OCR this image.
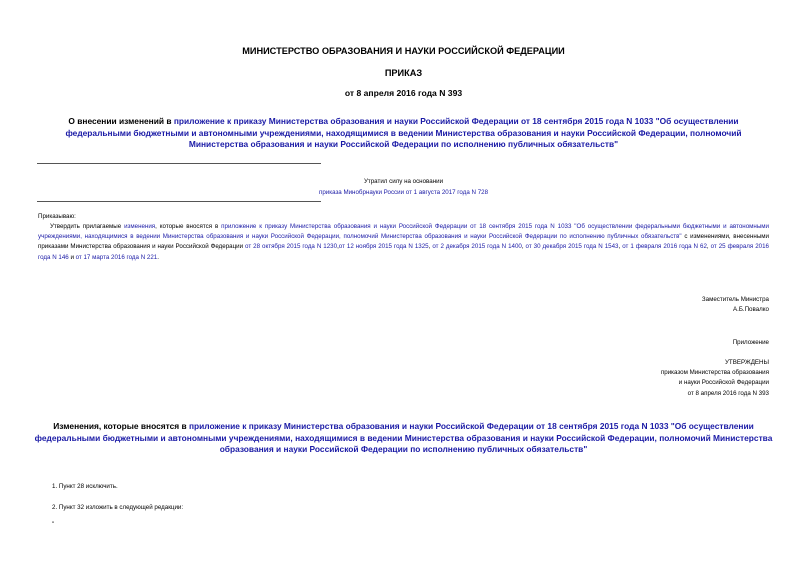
МИНИСТЕРСТВО ОБРАЗОВАНИЯ И НАУКИ РОССИЙСКОЙ ФЕДЕРАЦИИ
ПРИКАЗ
от 8 апреля 2016 года N 393
О внесении изменений в приложение к приказу Министерства образования и науки Российской Федерации от 18 сентября 2015 года N 1033 "Об осуществлении федеральными бюджетными и автономными учреждениями, находящимися в ведении Министерства образования и науки Российской Федерации, полномочий Министерства образования и науки Российской Федерации по исполнению публичных обязательств"
Утратил силу на основании
приказа Минобрнауки России от 1 августа 2017 года N 728
Приказываю:
Утвердить прилагаемые изменения, которые вносятся в приложение к приказу Министерства образования и науки Российской Федерации от 18 сентября 2015 года N 1033 "Об осуществлении федеральными бюджетными и автономными учреждениями, находящимися в ведении Министерства образования и науки Российской Федерации, полномочий Министерства образования и науки Российской Федерации по исполнению публичных обязательств" с изменениями, внесенными приказами Министерства образования и науки Российской Федерации от 28 октября 2015 года N 1230,от 12 ноября 2015 года N 1325, от 2 декабря 2015 года N 1400, от 30 декабря 2015 года N 1543, от 1 февраля 2016 года N 62, от 25 февраля 2016 года N 146 и от 17 марта 2016 года N 221.
Заместитель Министра
А.Б.Повалко
Приложение
УТВЕРЖДЕНЫ
приказом Министерства образования
и науки Российской Федерации
от 8 апреля 2016 года N 393
Изменения, которые вносятся в приложение к приказу Министерства образования и науки Российской Федерации от 18 сентября 2015 года N 1033 "Об осуществлении федеральными бюджетными и автономными учреждениями, находящимися в ведении Министерства образования и науки Российской Федерации, полномочий Министерства образования и науки Российской Федерации по исполнению публичных обязательств"
1. Пункт 28 исключить.
2. Пункт 32 изложить в следующей редакции:
"
